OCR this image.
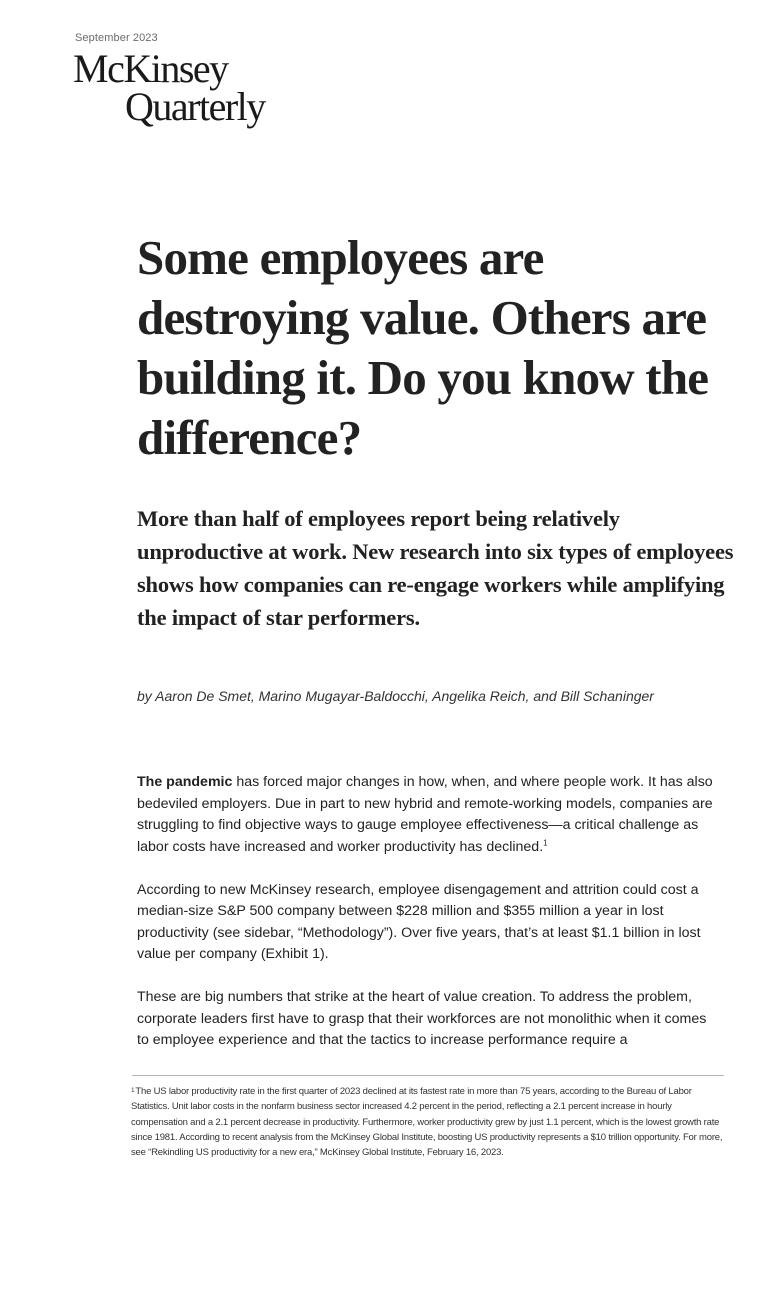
September 2023
McKinsey
Quarterly
Some employees are destroying value. Others are building it. Do you know the difference?

More than half of employees report being relatively unproductive at work. New research into six types of employees shows how companies can re-engage workers while amplifying the impact of star performers.

by Aaron De Smet, Marino Mugayar-Baldocchi, Angelika Reich, and Bill Schaninger

The pandemic has forced major changes in how, when, and where people work. It has also bedeviled employers. Due in part to new hybrid and remote-working models, companies are struggling to find objective ways to gauge employee effectiveness—a critical challenge as labor costs have increased and worker productivity has declined.$^1$

According to new McKinsey research, employee disengagement and attrition could cost a median-size S&P 500 company between $228 million and $355 million a year in lost productivity (see sidebar, “Methodology”). Over five years, that’s at least $1.1 billion in lost value per company (Exhibit 1).

These are big numbers that strike at the heart of value creation. To address the problem, corporate leaders first have to grasp that their workforces are not monolithic when it comes to employee experience and that the tactics to increase performance require a

$^1$The US labor productivity rate in the first quarter of 2023 declined at its fastest rate in more than 75 years, according to the Bureau of Labor Statistics. Unit labor costs in the nonfarm business sector increased 4.2 percent in the period, reflecting a 2.1 percent increase in hourly compensation and a 2.1 percent decrease in productivity. Furthermore, worker productivity grew by just 1.1 percent, which is the lowest growth rate since 1981. According to recent analysis from the McKinsey Global Institute, boosting US productivity represents a $10 trillion opportunity. For more, see “Rekindling US productivity for a new era,” McKinsey Global Institute, February 16, 2023.
